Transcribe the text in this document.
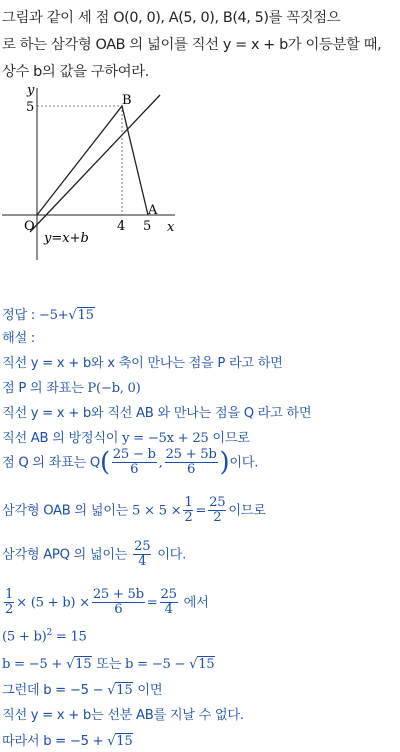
그림과 같이 세 점 O(0, 0), A(5, 0), B(4, 5)를 꼭짓점으
로 하는 삼각형 OAB 의 넓이를 직선 y = x + b가 이등분할 때,
상수 b의 값을 구하여라.
y
x
O
B
A
5
4 5
y=x+b
정답 : −5+√15
해설 :
직선 y = x + b와 x 축이 만나는 점을 P 라고 하면
점 P 의 좌표는 P(−b, 0)
직선 y = x + b와 직선 AB 와 만나는 점을 Q 라고 하면
직선 AB 의 방정식이 y = −5x + 25 이므로
점 Q 의 좌표는 $Q( \frac{25 - b}{6}$ , $\frac{25 + 5b}{6}$ )이다.
삼각형 OAB 의 넓이는 $5 \times 5 \times \frac{1}{2} = \frac{25}{2}$ 이므로
삼각형 APQ 의 넓이는 $\frac{25}{4}$ 이다.
$\frac{1}{2} \times (5 + b) \times \frac{25 + 5b}{6} = \frac{25}{4}$ 에서
$(5 + b)^2 = 15$
b = −5 + √15 또는 b = −5 − √15
그런데 b = −5 − √15 이면
직선 y = x + b는 선분 AB를 지날 수 없다.
따라서 b = −5 + √15
